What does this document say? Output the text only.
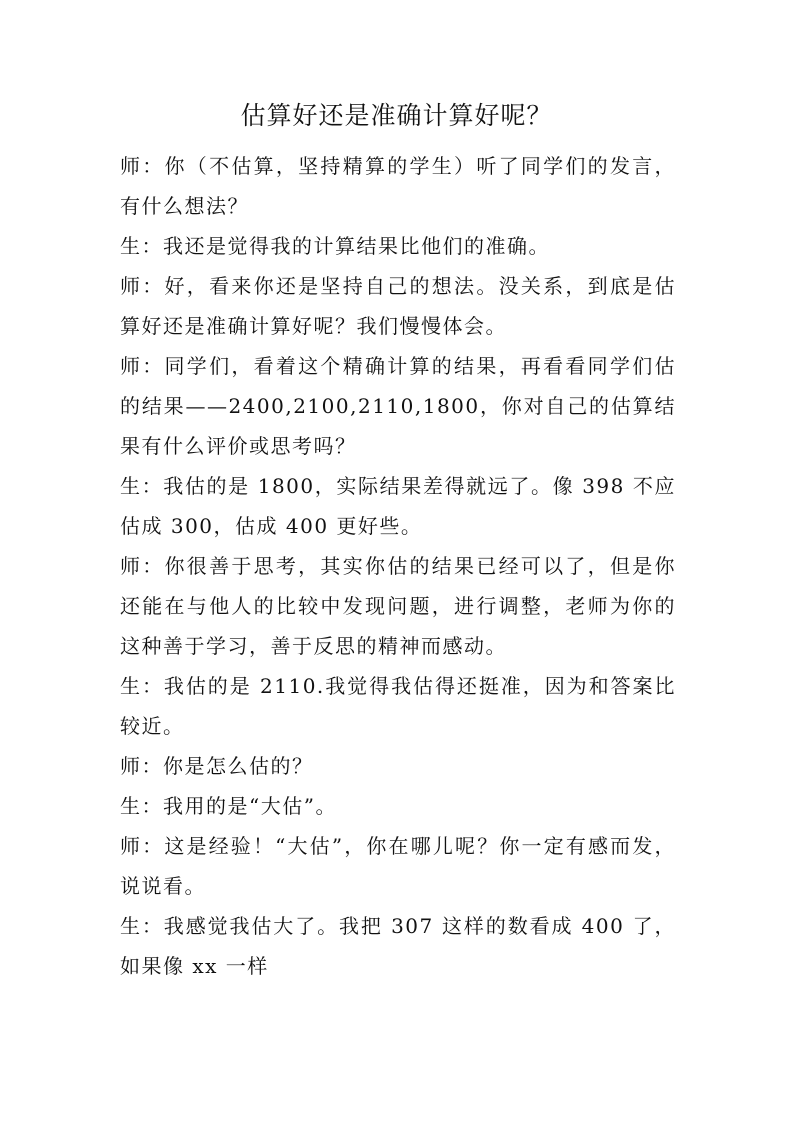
估算好还是准确计算好呢？

师：你（不估算，坚持精算的学生）听了同学们的发言，有什么想法？

生：我还是觉得我的计算结果比他们的准确。

师：好，看来你还是坚持自己的想法。没关系，到底是估算好还是准确计算好呢？我们慢慢体会。

师：同学们，看着这个精确计算的结果，再看看同学们估的结果——2400,2100,2110,1800，你对自己的估算结果有什么评价或思考吗？

生：我估的是 1800，实际结果差得就远了。像 398 不应估成 300，估成 400 更好些。

师：你很善于思考，其实你估的结果已经可以了，但是你还能在与他人的比较中发现问题，进行调整，老师为你的这种善于学习，善于反思的精神而感动。

生：我估的是 2110.我觉得我估得还挺准，因为和答案比较近。

师：你是怎么估的？

生：我用的是“大估”。

师：这是经验！“大估”，你在哪儿呢？你一定有感而发，说说看。

生：我感觉我估大了。我把 307 这样的数看成 400 了，如果像 xx 一样
